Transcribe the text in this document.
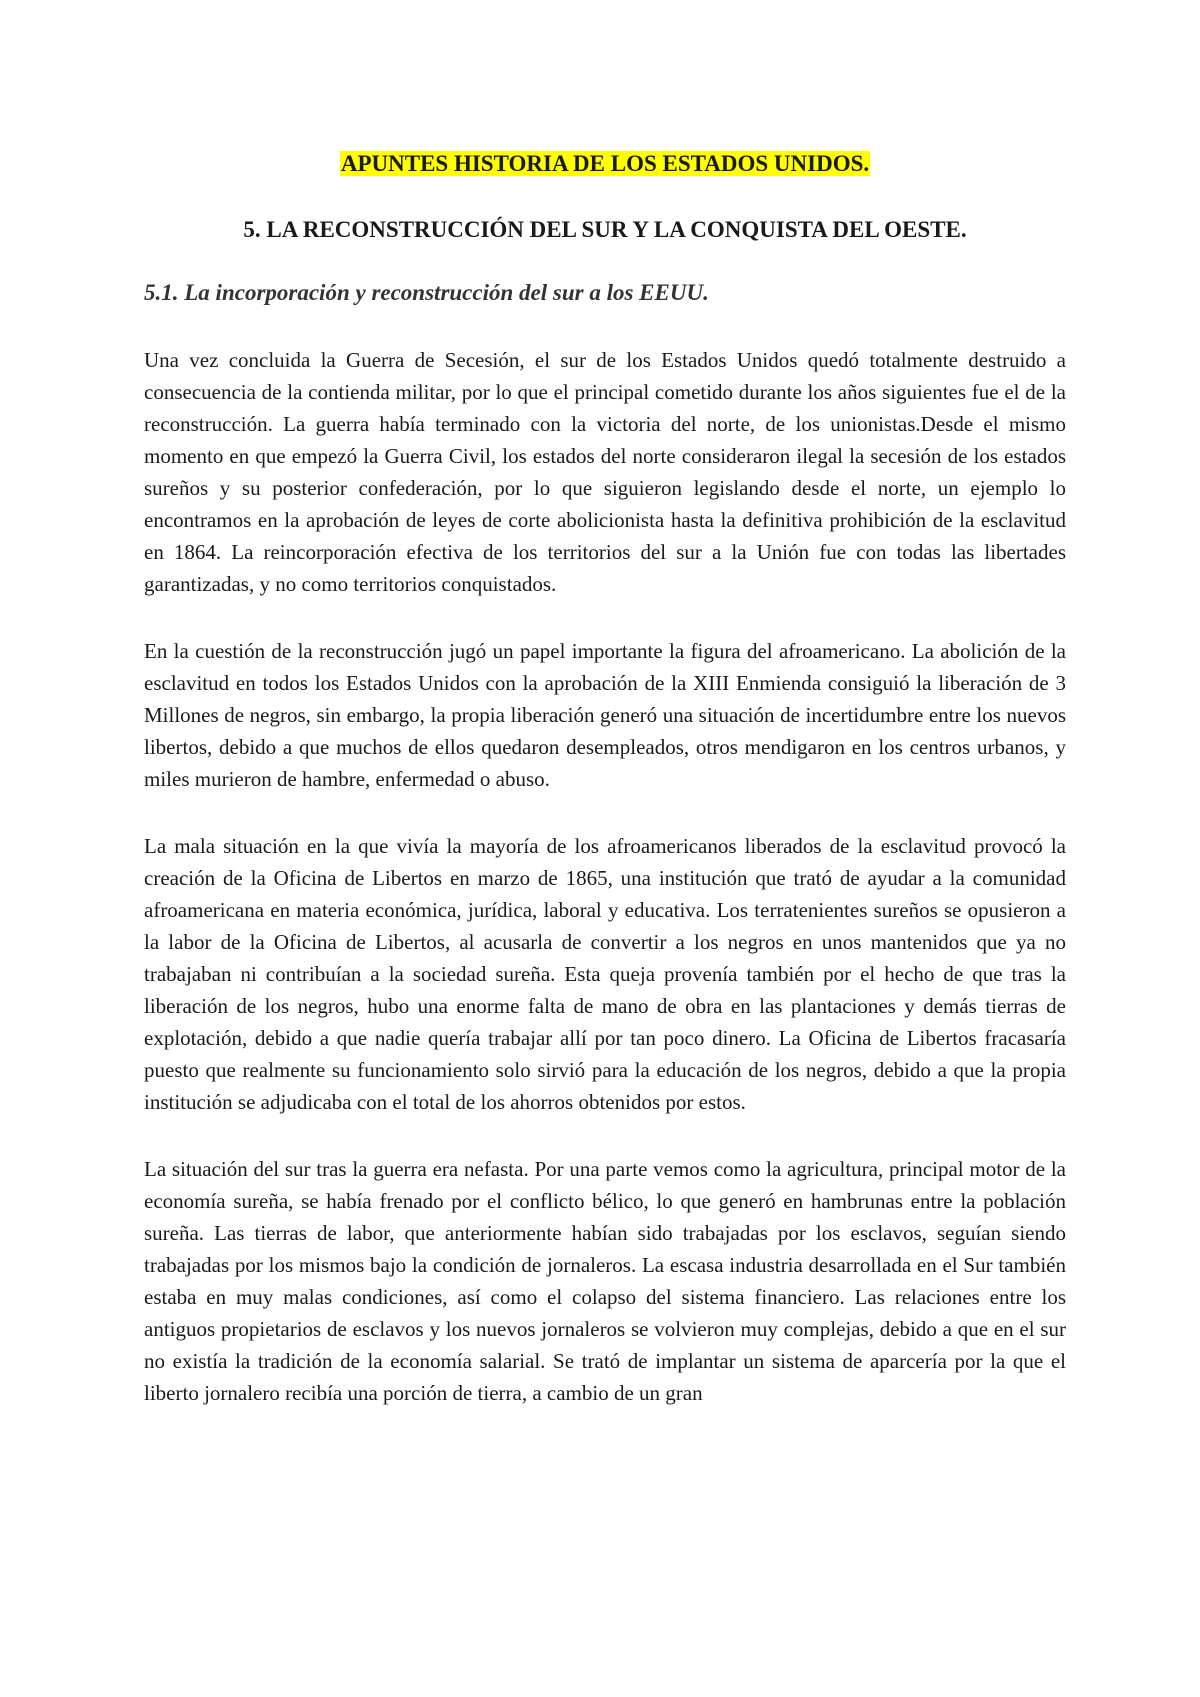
APUNTES HISTORIA DE LOS ESTADOS UNIDOS.
5. LA RECONSTRUCCIÓN DEL SUR Y LA CONQUISTA DEL OESTE.
5.1. La incorporación y reconstrucción del sur a los EEUU.

Una vez concluida la Guerra de Secesión, el sur de los Estados Unidos quedó totalmente destruido a consecuencia de la contienda militar, por lo que el principal cometido durante los años siguientes fue el de la reconstrucción. La guerra había terminado con la victoria del norte, de los unionistas.Desde el mismo momento en que empezó la Guerra Civil, los estados del norte consideraron ilegal la secesión de los estados sureños y su posterior confederación, por lo que siguieron legislando desde el norte, un ejemplo lo encontramos en la aprobación de leyes de corte abolicionista hasta la definitiva prohibición de la esclavitud en 1864. La reincorporación efectiva de los territorios del sur a la Unión fue con todas las libertades garantizadas, y no como territorios conquistados.

En la cuestión de la reconstrucción jugó un papel importante la figura del afroamericano. La abolición de la esclavitud en todos los Estados Unidos con la aprobación de la XIII Enmienda consiguió la liberación de 3 Millones de negros, sin embargo, la propia liberación generó una situación de incertidumbre entre los nuevos libertos, debido a que muchos de ellos quedaron desempleados, otros mendigaron en los centros urbanos, y miles murieron de hambre, enfermedad o abuso.

La mala situación en la que vivía la mayoría de los afroamericanos liberados de la esclavitud provocó la creación de la Oficina de Libertos en marzo de 1865, una institución que trató de ayudar a la comunidad afroamericana en materia económica, jurídica, laboral y educativa. Los terratenientes sureños se opusieron a la labor de la Oficina de Libertos, al acusarla de convertir a los negros en unos mantenidos que ya no trabajaban ni contribuían a la sociedad sureña. Esta queja provenía también por el hecho de que tras la liberación de los negros, hubo una enorme falta de mano de obra en las plantaciones y demás tierras de explotación, debido a que nadie quería trabajar allí por tan poco dinero. La Oficina de Libertos fracasaría puesto que realmente su funcionamiento solo sirvió para la educación de los negros, debido a que la propia institución se adjudicaba con el total de los ahorros obtenidos por estos.

La situación del sur tras la guerra era nefasta. Por una parte vemos como la agricultura, principal motor de la economía sureña, se había frenado por el conflicto bélico, lo que generó en hambrunas entre la población sureña. Las tierras de labor, que anteriormente habían sido trabajadas por los esclavos, seguían siendo trabajadas por los mismos bajo la condición de jornaleros. La escasa industria desarrollada en el Sur también estaba en muy malas condiciones, así como el colapso del sistema financiero. Las relaciones entre los antiguos propietarios de esclavos y los nuevos jornaleros se volvieron muy complejas, debido a que en el sur no existía la tradición de la economía salarial. Se trató de implantar un sistema de aparcería por la que el liberto jornalero recibía una porción de tierra, a cambio de un gran
